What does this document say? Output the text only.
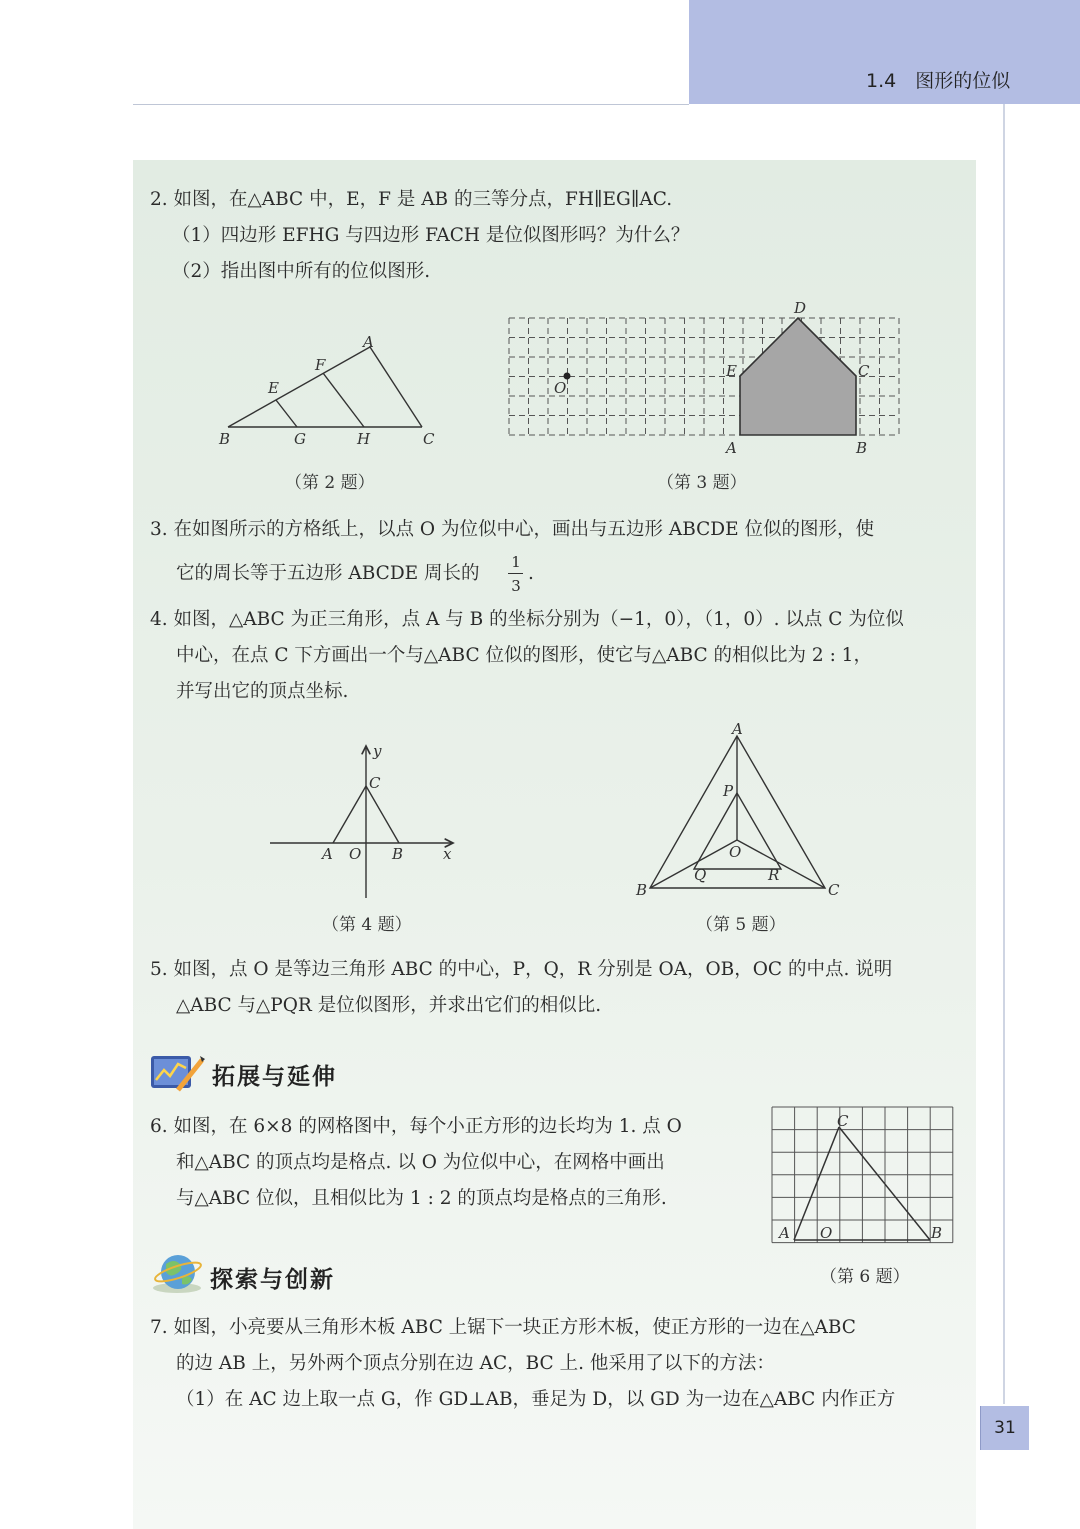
1.4　图形的位似
2. 如图，在△ABC 中，E，F 是 AB 的三等分点，FH∥EG∥AC.
（1）四边形 EFHG 与四边形 FACH 是位似图形吗？为什么？
（2）指出图中所有的位似图形.
A
F
E
B	G	H	C
（第 2 题）
O
A	B
C
D
E
（第 3 题）
3. 在如图所示的方格纸上，以点 O 为位似中心，画出与五边形 ABCDE 位似的图形，使
它的周长等于五边形 ABCDE 周长的
1
3
.
4. 如图，△ABC 为正三角形，点 A 与 B 的坐标分别为（−1，0），（1，0）. 以点 C 为位似
中心，在点 C 下方画出一个与△ABC 位似的图形，使它与△ABC 的相似比为 2 : 1，
并写出它的顶点坐标.
y
C
A O B	x
（第 4 题）
A
P
O
Q	R
B	C
（第 5 题）
5. 如图，点 O 是等边三角形 ABC 的中心，P，Q，R 分别是 OA，OB，OC 的中点. 说明
△ABC 与△PQR 是位似图形，并求出它们的相似比.
拓展与延伸
6. 如图，在 6×8 的网格图中，每个小正方形的边长均为 1. 点 O
和△ABC 的顶点均是格点. 以 O 为位似中心，在网格中画出
与△ABC 位似，且相似比为 1 : 2 的顶点均是格点的三角形.
C
A O	B
（第 6 题）
探索与创新
7. 如图，小亮要从三角形木板 ABC 上锯下一块正方形木板，使正方形的一边在△ABC
的边 AB 上，另外两个顶点分别在边 AC，BC 上. 他采用了以下的方法：
（1）在 AC 边上取一点 G，作 GD⊥AB，垂足为 D，以 GD 为一边在△ABC 内作正方
31
